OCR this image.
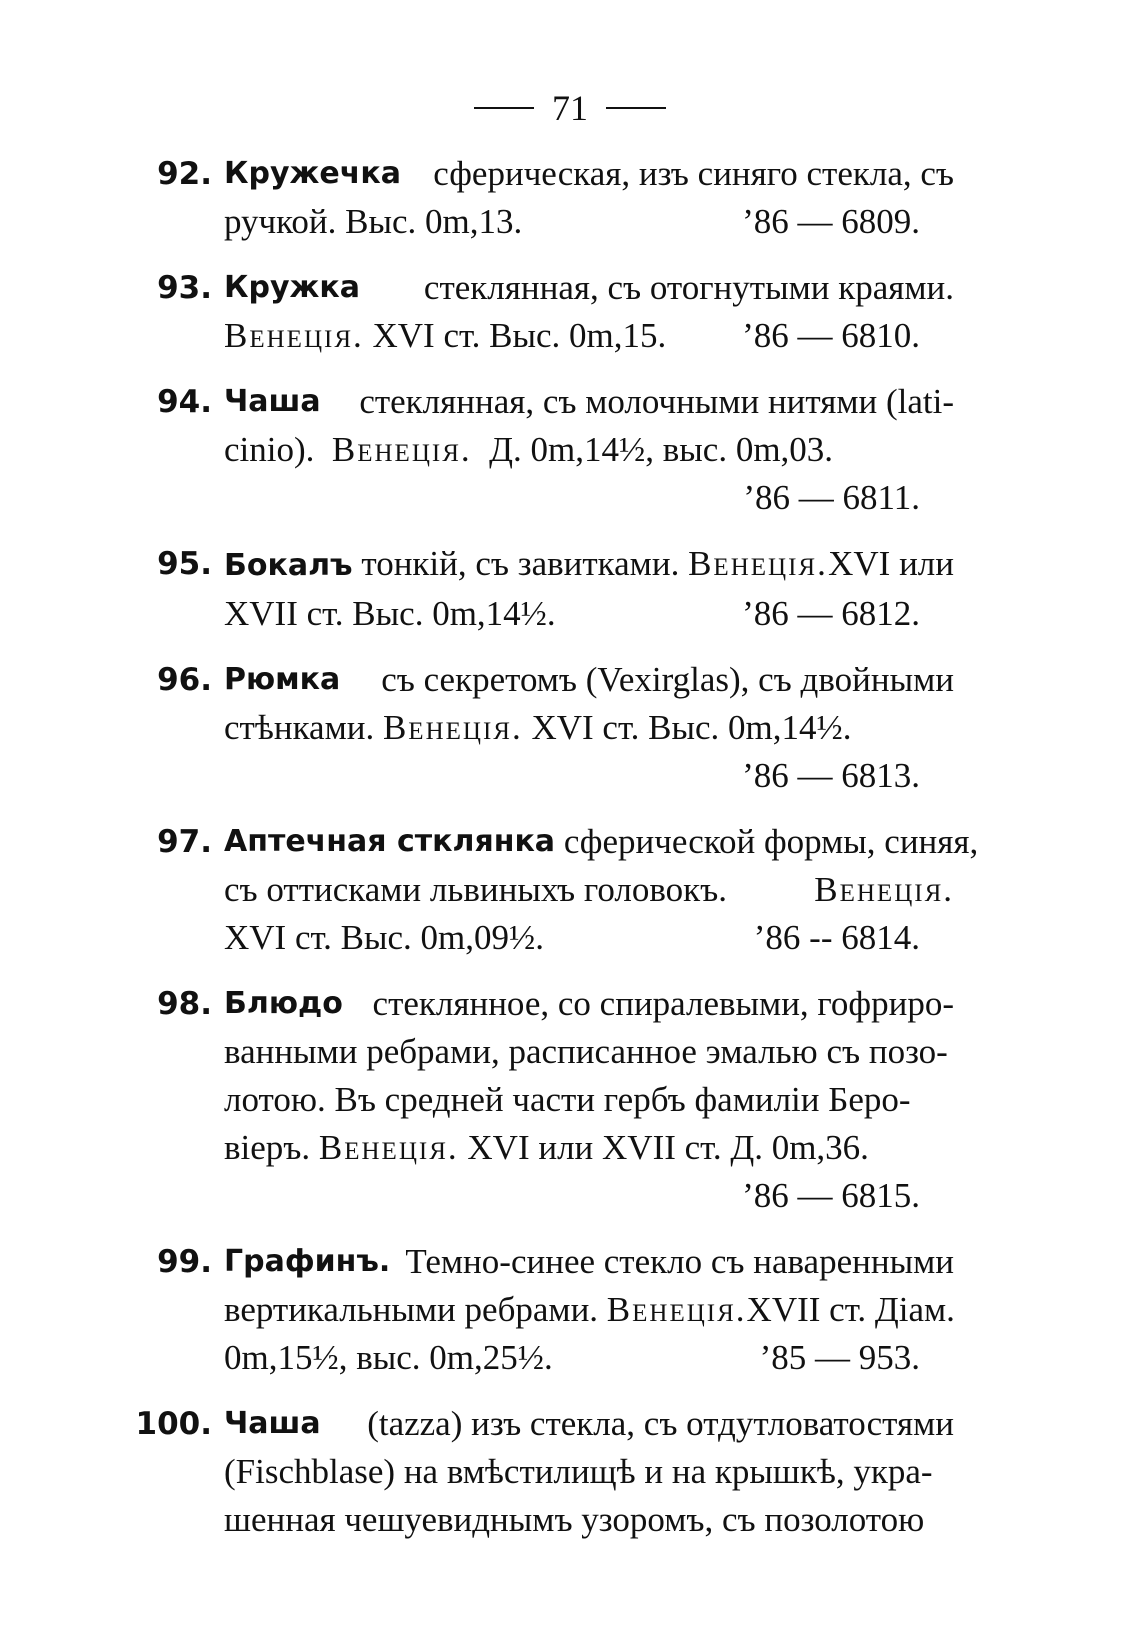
71
92. Кружечка
сферическая, изъ синяго стекла, съ
ручкой. Выс. 0m,13.	’86 — 6809.
93. Кружка
стеклянная, съ отогнутыми краями.
Венеція. XVI ст. Выс. 0m,15. ’86 — 6810.
94. Чаша
стеклянная, съ молочными нитями (lati-
cinio).
Венеція.
Д. 0m,14½, выс. 0m,03.
’86 — 6811.
95. Бокалъ тонкій, съ завитками. Венеція. XVI или
XVII ст. Выс. 0m,14½.	’86 — 6812.
96. Рюмка
съ секретомъ (Vexirglas), съ двойными
стѣнками.
Венеція.
XVI ст. Выс. 0m,14½.
’86 — 6813.
97. Аптечная стклянка
сферической формы, синяя,
съ оттисками львиныхъ головокъ. Венеція.
XVI ст. Выс. 0m,09½.	’86 -- 6814.
98. Блюдо
стеклянное, со спиралевыми, гофриро-
ванными ребрами, расписанное эмалью съ позо-
лотою. Въ средней части гербъ фамиліи Беро-
віеръ.
Венеція.
XVI или XVII ст. Д. 0m,36.
’86 — 6815.
99. Графинъ.
Темно-синее стекло съ наваренными
вертикальными ребрами. Венеція. XVII ст. Діам.
0m,15½, выс. 0m,25½.	’85 — 953.
100. Чаша
(tazza) изъ стекла, съ отдутловатостями
(Fischblase) на вмѣстилищѣ и на крышкѣ, укра-
шенная чешуевиднымъ узоромъ, съ позолотою
